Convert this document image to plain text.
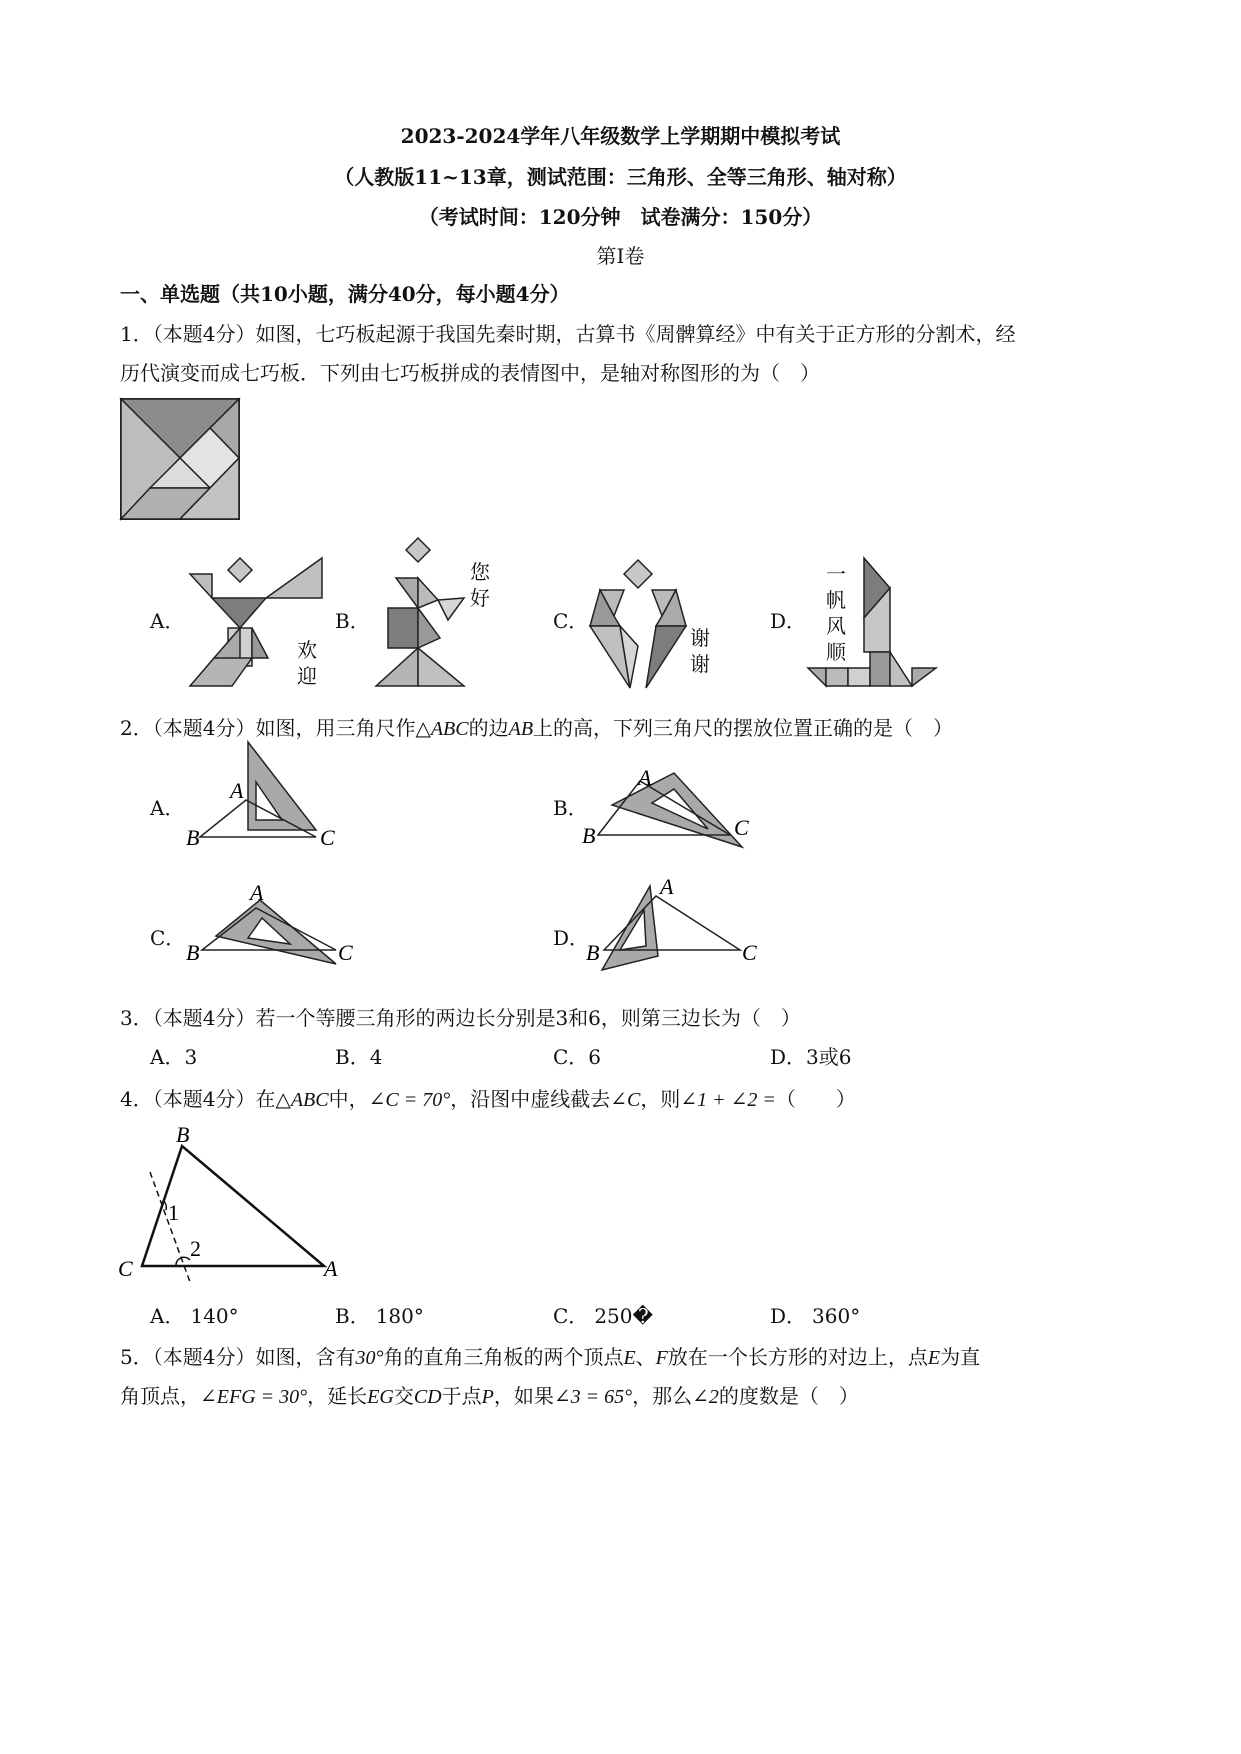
2023-2024学年八年级数学上学期期中模拟考试
（人教版11~13章，测试范围：三角形、全等三角形、轴对称）
（考试时间：120分钟　试卷满分：150分）
第Ⅰ卷
一、单选题（共10小题，满分40分，每小题4分）
1．（本题4分）如图，七巧板起源于我国先秦时期，古算书《周髀算经》中有关于正方形的分割术，经
历代演变而成七巧板．下列由七巧板拼成的表情图中，是轴对称图形的为（　）
A．	B．	C．	D．
欢
迎
您
好
谢
谢
一
帆
风
顺
2．（本题4分）如图，用三角尺作△ABC的边AB上的高，下列三角尺的摆放位置正确的是（　）
A．	B．
C．	D．
A
B	C
A
B	C
A
B	C
A
B	C
3．（本题4分）若一个等腰三角形的两边长分别是3和6，则第三边长为（　）
A．3	B．4	C．6	D．3或6
4．（本题4分）在△ABC中，∠C = 70°，沿图中虚线截去∠C，则∠1 + ∠2 =（　　）
B
C	A
1
2
A． 140°	B． 180°	C． 250�	D． 360°
5．（本题4分）如图，含有30°角的直角三角板的两个顶点E、F放在一个长方形的对边上，点E为直
角顶点，∠EFG = 30°，延长EG交CD于点P，如果∠3 = 65°，那么∠2的度数是（　）
